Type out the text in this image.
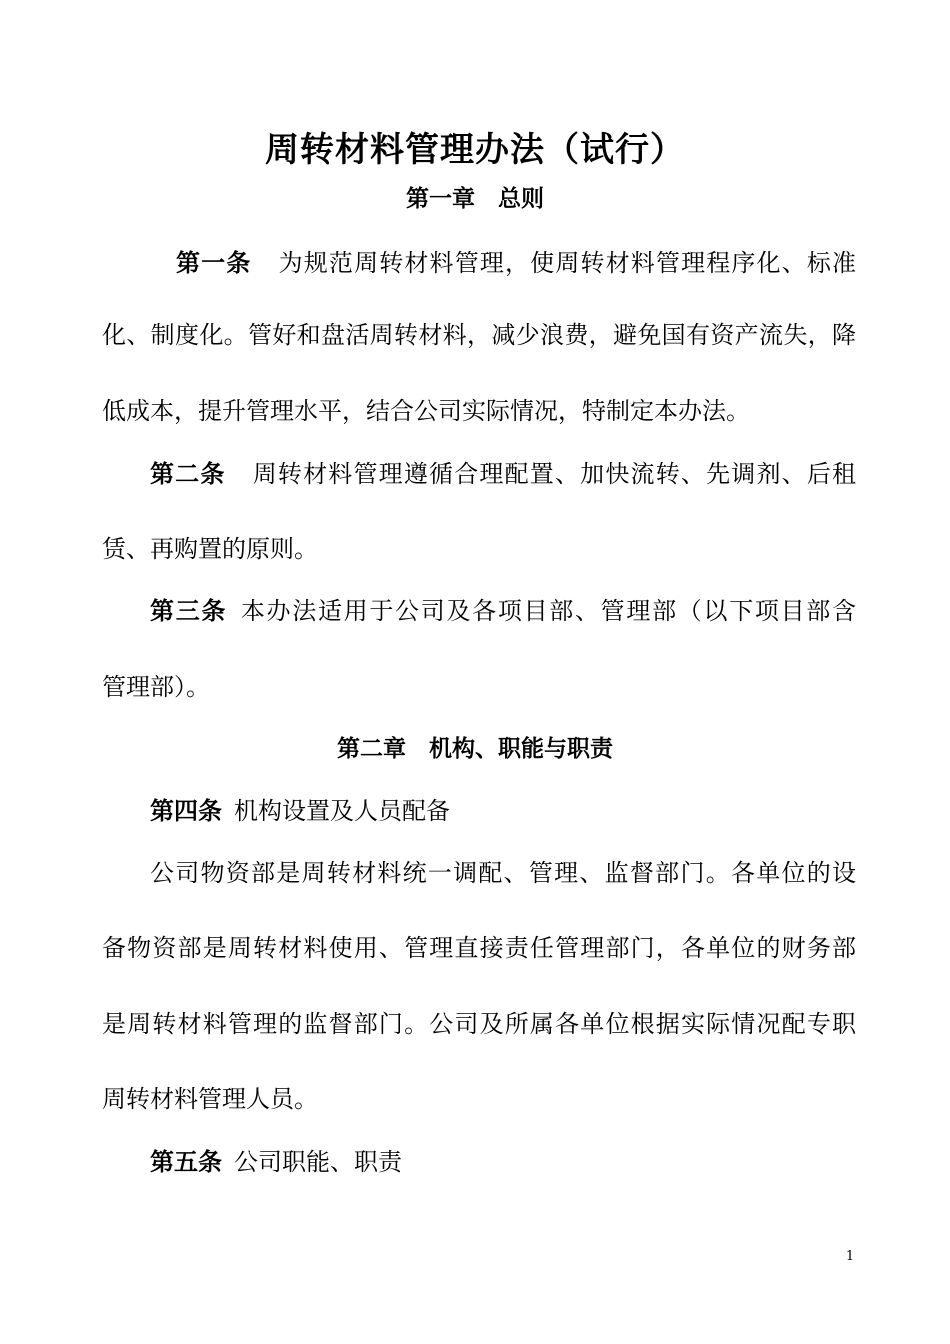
周转材料管理办法（试行）
第一章　总则
第一条 为规范周转材料管理，使周转材料管理程序化、标准
化、制度化。管好和盘活周转材料，减少浪费，避免国有资产流失，降
低成本，提升管理水平，结合公司实际情况，特制定本办法。
第二条 周转材料管理遵循合理配置、加快流转、先调剂、后租
赁、再购置的原则。
第三条 本办法适用于公司及各项目部、管理部（以下项目部含
管理部）。
第二章　机构、职能与职责
第四条 机构设置及人员配备
公司物资部是周转材料统一调配、管理、监督部门。各单位的设
备物资部是周转材料使用、管理直接责任管理部门，各单位的财务部
是周转材料管理的监督部门。公司及所属各单位根据实际情况配专职
周转材料管理人员。
第五条 公司职能、职责
1
